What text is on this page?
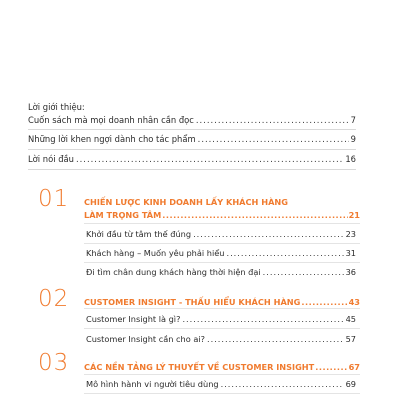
Lời giới thiệu:
Cuốn sách mà mọi doanh nhân cần đọc .....	7
Những lời khen ngợi dành cho tác phẩm .....	9
Lời nói đầu .....	16
01 CHIẾN LƯỢC KINH DOANH LẤY KHÁCH HÀNG
LÀM TRỌNG TÂM .....	21
Khởi đầu từ tâm thế đúng .....	23
Khách hàng – Muốn yêu phải hiểu .....	31
Đi tìm chân dung khách hàng thời hiện đại .....	36
02 CUSTOMER INSIGHT - THẤU HIỂU KHÁCH HÀNG .....	43
Customer Insight là gì? .....	45
Customer Insight cần cho ai? .....	57
03 CÁC NỀN TẢNG LÝ THUYẾT VỀ CUSTOMER INSIGHT .....	67
Mô hình hành vi người tiêu dùng .....	69
